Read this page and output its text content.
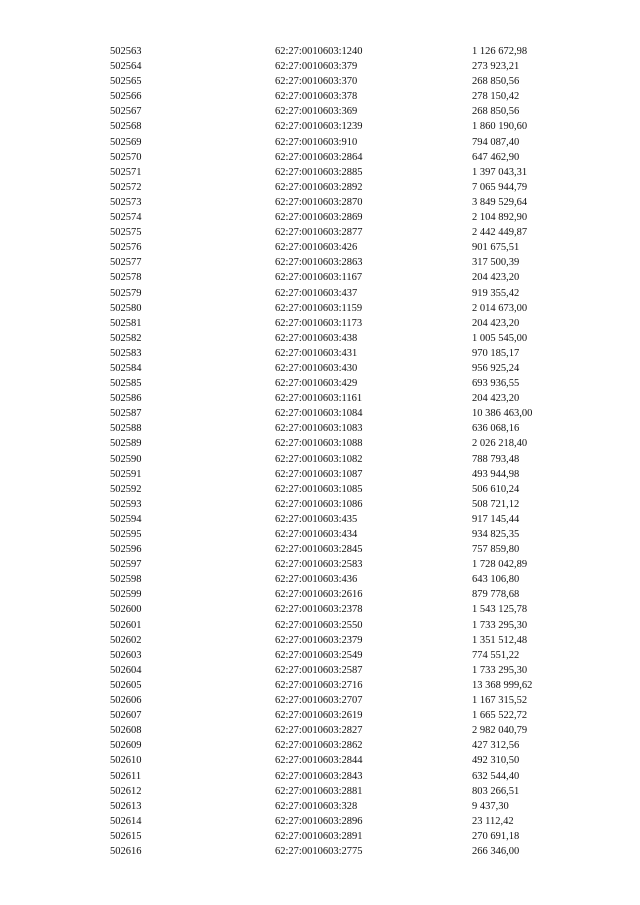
502563	62:27:0010603:1240	1 126 672,98
502564	62:27:0010603:379	273 923,21
502565	62:27:0010603:370	268 850,56
502566	62:27:0010603:378	278 150,42
502567	62:27:0010603:369	268 850,56
502568	62:27:0010603:1239	1 860 190,60
502569	62:27:0010603:910	794 087,40
502570	62:27:0010603:2864	647 462,90
502571	62:27:0010603:2885	1 397 043,31
502572	62:27:0010603:2892	7 065 944,79
502573	62:27:0010603:2870	3 849 529,64
502574	62:27:0010603:2869	2 104 892,90
502575	62:27:0010603:2877	2 442 449,87
502576	62:27:0010603:426	901 675,51
502577	62:27:0010603:2863	317 500,39
502578	62:27:0010603:1167	204 423,20
502579	62:27:0010603:437	919 355,42
502580	62:27:0010603:1159	2 014 673,00
502581	62:27:0010603:1173	204 423,20
502582	62:27:0010603:438	1 005 545,00
502583	62:27:0010603:431	970 185,17
502584	62:27:0010603:430	956 925,24
502585	62:27:0010603:429	693 936,55
502586	62:27:0010603:1161	204 423,20
502587	62:27:0010603:1084	10 386 463,00
502588	62:27:0010603:1083	636 068,16
502589	62:27:0010603:1088	2 026 218,40
502590	62:27:0010603:1082	788 793,48
502591	62:27:0010603:1087	493 944,98
502592	62:27:0010603:1085	506 610,24
502593	62:27:0010603:1086	508 721,12
502594	62:27:0010603:435	917 145,44
502595	62:27:0010603:434	934 825,35
502596	62:27:0010603:2845	757 859,80
502597	62:27:0010603:2583	1 728 042,89
502598	62:27:0010603:436	643 106,80
502599	62:27:0010603:2616	879 778,68
502600	62:27:0010603:2378	1 543 125,78
502601	62:27:0010603:2550	1 733 295,30
502602	62:27:0010603:2379	1 351 512,48
502603	62:27:0010603:2549	774 551,22
502604	62:27:0010603:2587	1 733 295,30
502605	62:27:0010603:2716	13 368 999,62
502606	62:27:0010603:2707	1 167 315,52
502607	62:27:0010603:2619	1 665 522,72
502608	62:27:0010603:2827	2 982 040,79
502609	62:27:0010603:2862	427 312,56
502610	62:27:0010603:2844	492 310,50
502611	62:27:0010603:2843	632 544,40
502612	62:27:0010603:2881	803 266,51
502613	62:27:0010603:328	9 437,30
502614	62:27:0010603:2896	23 112,42
502615	62:27:0010603:2891	270 691,18
502616	62:27:0010603:2775	266 346,00
